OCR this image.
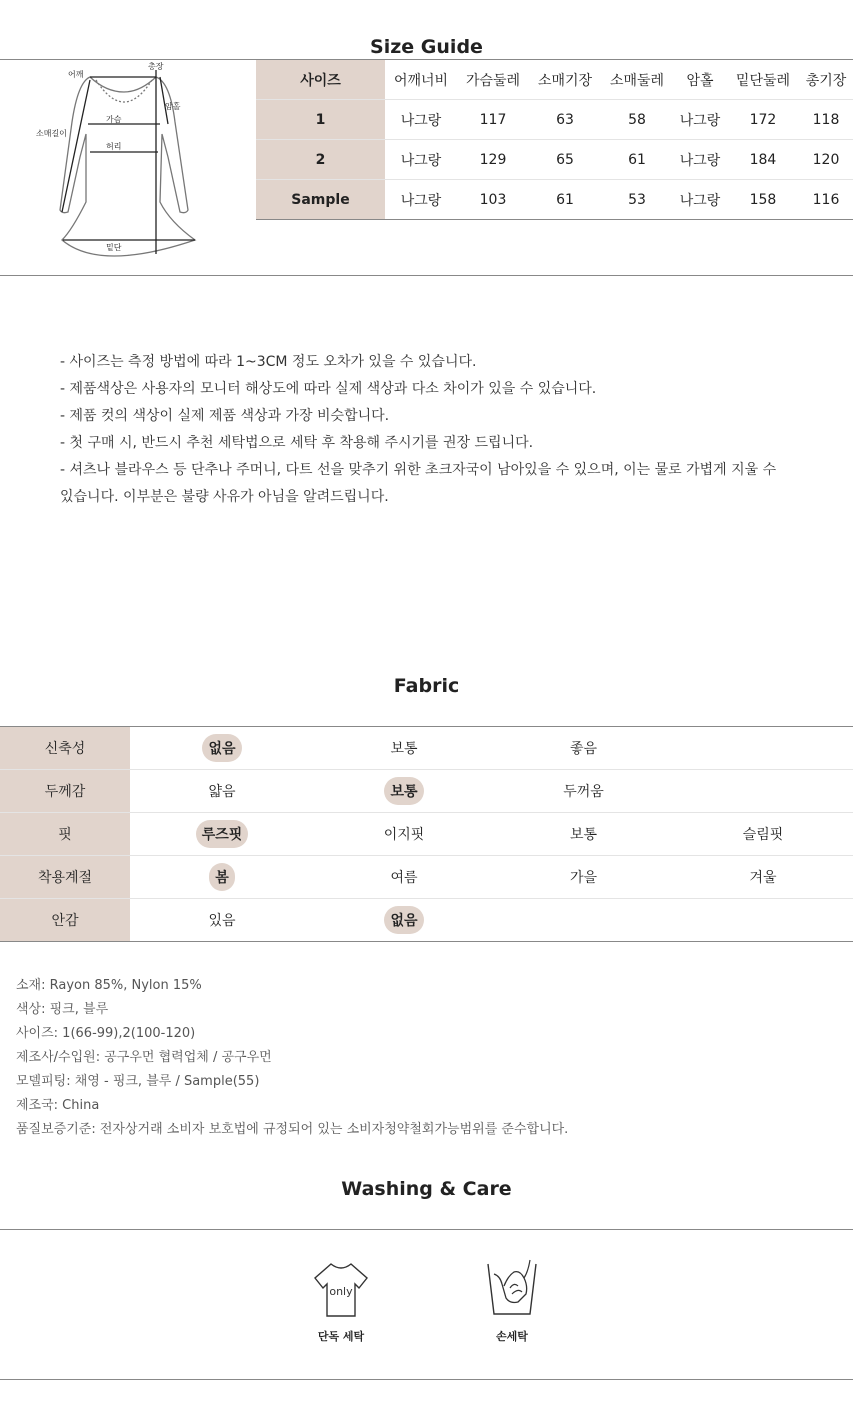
Size Guide
어깨
총장
암홀
소매길이
가슴
허리
밑단
사이즈	어깨너비	가슴둘레	소매기장	소매둘레	암홀	밑단둘레	총기장
1	나그랑	117	63	58	나그랑	172	118
2	나그랑	129	65	61	나그랑	184	120
Sample	나그랑	103	61	53	나그랑	158	116
- 사이즈는 측정 방법에 따라 1~3CM 정도 오차가 있을 수 있습니다.
- 제품색상은 사용자의 모니터 해상도에 따라 실제 색상과 다소 차이가 있을 수 있습니다.
- 제품 컷의 색상이 실제 제품 색상과 가장 비슷합니다.
- 첫 구매 시, 반드시 추천 세탁법으로 세탁 후 착용해 주시기를 권장 드립니다.
- 셔츠나 블라우스 등 단추나 주머니, 다트 선을 맞추기 위한 초크자국이 남아있을 수 있으며, 이는 물로 가볍게 지울 수
있습니다. 이부분은 불량 사유가 아님을 알려드립니다.
Fabric
신축성	없음	보통	좋음	
두께감	얇음	보통	두꺼움	
핏	루즈핏	이지핏	보통	슬림핏
착용계절	봄	여름	가을	겨울
안감	있음	없음		
소재: Rayon 85%, Nylon 15%
색상: 핑크, 블루
사이즈: 1(66-99),2(100-120)
제조사/수입원: 공구우먼 협력업체 / 공구우먼
모델피팅: 채영 - 핑크, 블루 / Sample(55)
제조국: China
품질보증기준: 전자상거래 소비자 보호법에 규정되어 있는 소비자청약철회가능범위를 준수합니다.
Washing & Care
only
단독 세탁	손세탁
